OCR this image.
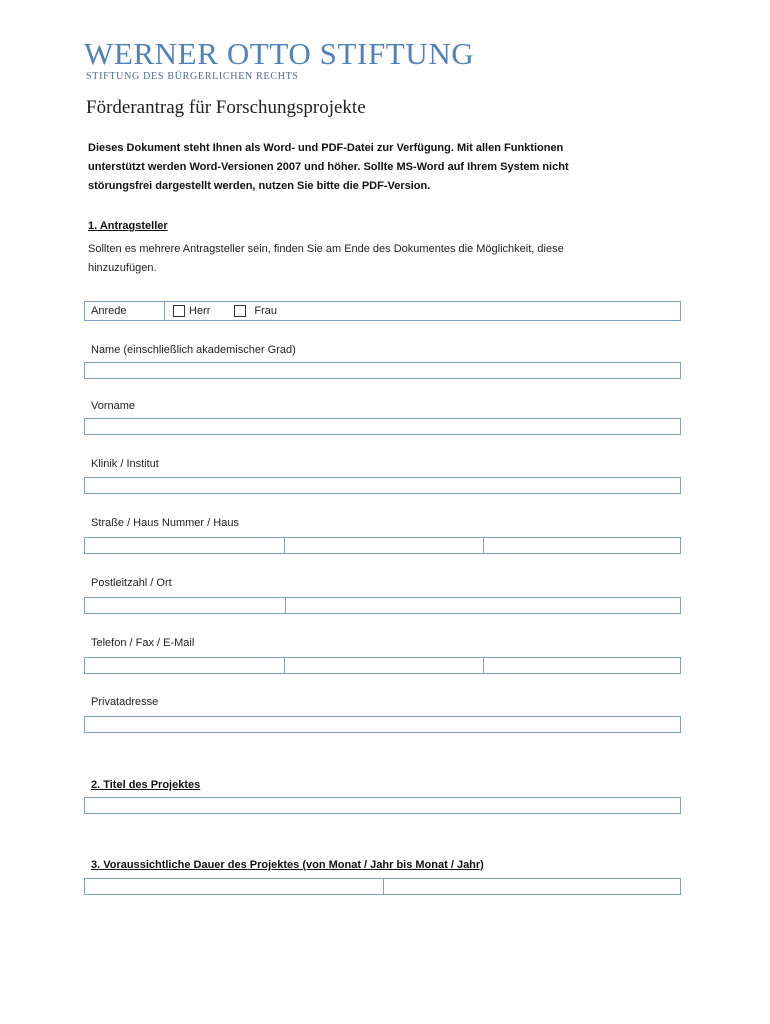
WERNER OTTO STIFTUNG
STIFTUNG DES BÜRGERLICHEN RECHTS
Förderantrag für Forschungsprojekte
Dieses Dokument steht Ihnen als Word- und PDF-Datei zur Verfügung. Mit allen Funktionen
unterstützt werden Word-Versionen 2007 und höher. Sollte MS-Word auf Ihrem System nicht
störungsfrei dargestellt werden, nutzen Sie bitte die PDF-Version.
1. Antragsteller
Sollten es mehrere Antragsteller sein, finden Sie am Ende des Dokumentes die Möglichkeit, diese
hinzuzufügen.
Anrede	Herr	Frau
Name (einschließlich akademischer Grad)
Vorname
Klinik / Institut
Straße / Haus Nummer / Haus
Postleitzahl / Ort
Telefon / Fax / E-Mail
Privatadresse
2. Titel des Projektes
3. Voraussichtliche Dauer des Projektes (von Monat / Jahr bis Monat / Jahr)
